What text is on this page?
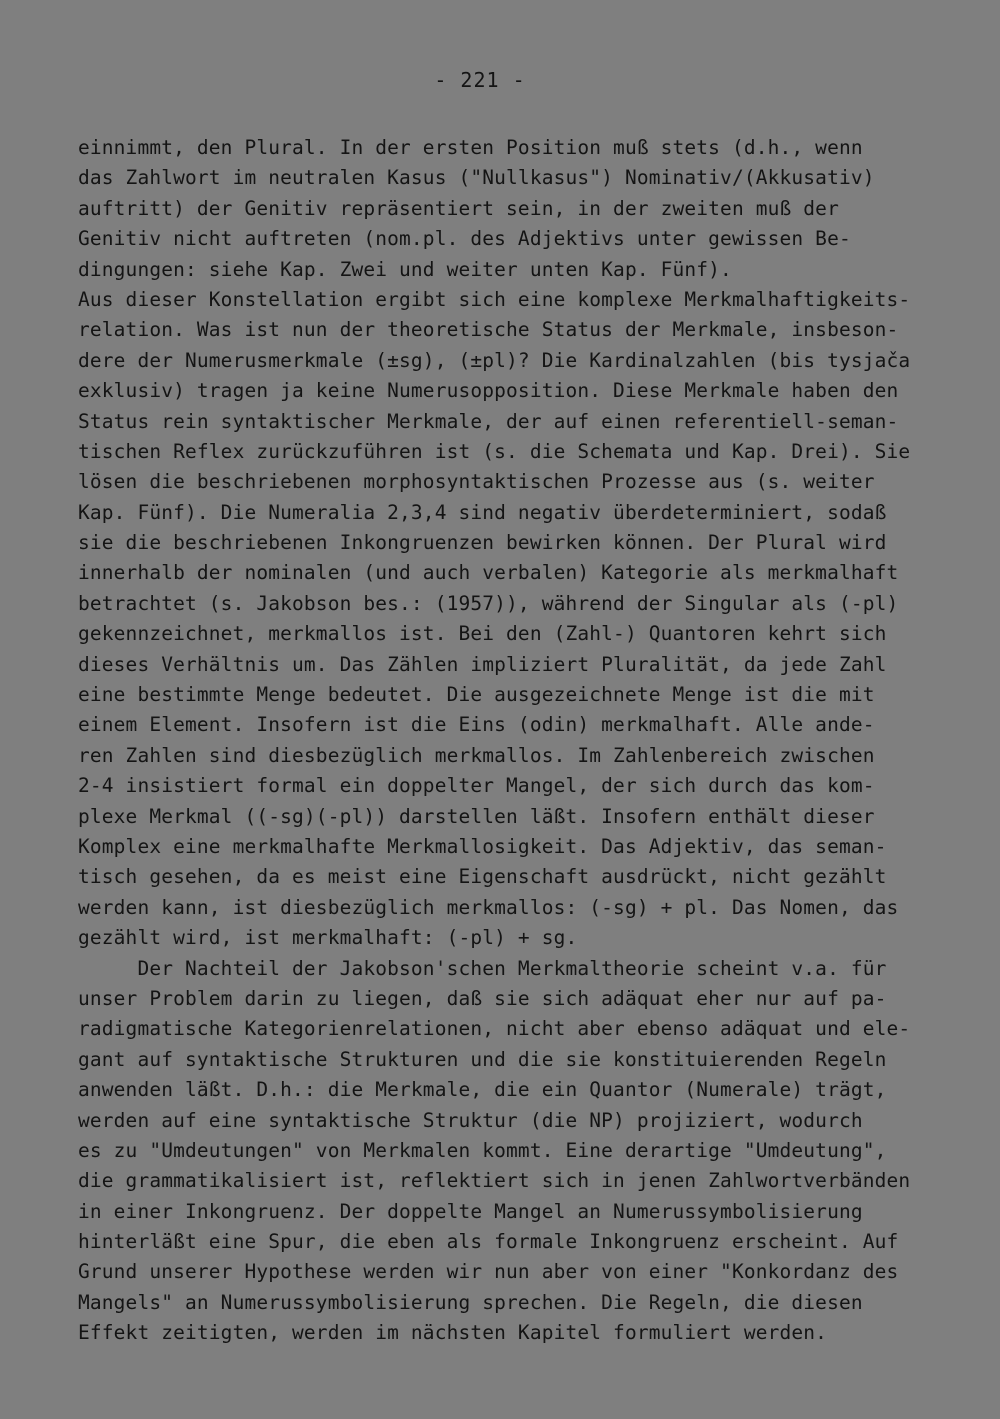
- 221 -
einnimmt, den Plural. In der ersten Position muß stets (d.h., wenn
das Zahlwort im neutralen Kasus ("Nullkasus") Nominativ/(Akkusativ)
auftritt) der Genitiv repräsentiert sein, in der zweiten muß der
Genitiv nicht auftreten (nom.pl. des Adjektivs unter gewissen Be-
dingungen: siehe Kap. Zwei und weiter unten Kap. Fünf).
Aus dieser Konstellation ergibt sich eine komplexe Merkmalhaftigkeits-
relation. Was ist nun der theoretische Status der Merkmale, insbeson-
dere der Numerusmerkmale (±sg), (±pl)? Die Kardinalzahlen (bis tysjača
exklusiv) tragen ja keine Numerusopposition. Diese Merkmale haben den
Status rein syntaktischer Merkmale, der auf einen referentiell-seman-
tischen Reflex zurückzuführen ist (s. die Schemata und Kap. Drei). Sie
lösen die beschriebenen morphosyntaktischen Prozesse aus (s. weiter
Kap. Fünf). Die Numeralia 2,3,4 sind negativ überdeterminiert, sodaß
sie die beschriebenen Inkongruenzen bewirken können. Der Plural wird
innerhalb der nominalen (und auch verbalen) Kategorie als merkmalhaft
betrachtet (s. Jakobson bes.: (1957)), während der Singular als (-pl)
gekennzeichnet, merkmallos ist. Bei den (Zahl-) Quantoren kehrt sich
dieses Verhältnis um. Das Zählen impliziert Pluralität, da jede Zahl
eine bestimmte Menge bedeutet. Die ausgezeichnete Menge ist die mit
einem Element. Insofern ist die Eins (odin) merkmalhaft. Alle ande-
ren Zahlen sind diesbezüglich merkmallos. Im Zahlenbereich zwischen
2-4 insistiert formal ein doppelter Mangel, der sich durch das kom-
plexe Merkmal ((-sg)(-pl)) darstellen läßt. Insofern enthält dieser
Komplex eine merkmalhafte Merkmallosigkeit. Das Adjektiv, das seman-
tisch gesehen, da es meist eine Eigenschaft ausdrückt, nicht gezählt
werden kann, ist diesbezüglich merkmallos: (-sg) + pl. Das Nomen, das
gezählt wird, ist merkmalhaft: (-pl) + sg.
Der Nachteil der Jakobson'schen Merkmaltheorie scheint v.a. für
unser Problem darin zu liegen, daß sie sich adäquat eher nur auf pa-
radigmatische Kategorienrelationen, nicht aber ebenso adäquat und ele-
gant auf syntaktische Strukturen und die sie konstituierenden Regeln
anwenden läßt. D.h.: die Merkmale, die ein Quantor (Numerale) trägt,
werden auf eine syntaktische Struktur (die NP) projiziert, wodurch
es zu "Umdeutungen" von Merkmalen kommt. Eine derartige "Umdeutung",
die grammatikalisiert ist, reflektiert sich in jenen Zahlwortverbänden
in einer Inkongruenz. Der doppelte Mangel an Numerussymbolisierung
hinterläßt eine Spur, die eben als formale Inkongruenz erscheint. Auf
Grund unserer Hypothese werden wir nun aber von einer "Konkordanz des
Mangels" an Numerussymbolisierung sprechen. Die Regeln, die diesen
Effekt zeitigten, werden im nächsten Kapitel formuliert werden.
